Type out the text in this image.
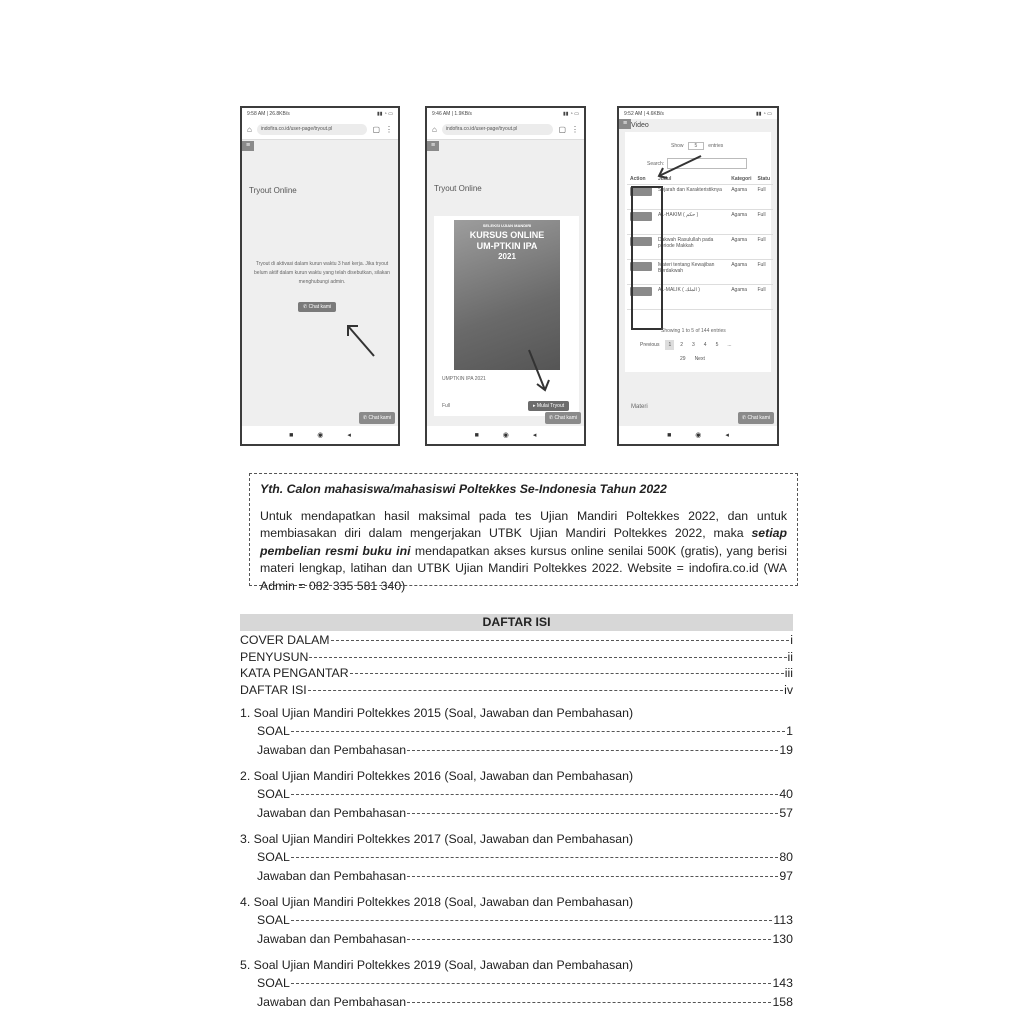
9:58 AM | 26.8KB/s	▮▮ ◔ ▭
⌂	indofira.co.id/user-page/tryout.pl	▢ ⋮
≡
Tryout Online
Tryout di aktivasi dalam kurun waktu 3 hari kerja. Jika tryout belum aktif dalam kurun waktu yang telah disebutkan, silakan menghubungi admin.
✆ Chat kami
✆ Chat kami
■	◉	◂
9:46 AM | 1.9KB/s	▮▮ ◔ ▭
⌂	indofira.co.id/user-page/tryout.pl	▢ ⋮
≡
Tryout Online
SELEKSI UJIAN MANDIRI
KURSUS ONLINE
UM-PTKIN IPA
2021
UMPTKIN IPA 2021
Full	▸ Mulai Tryout
✆ Chat kami
■	◉	◂
9:52 AM | 4.6KB/s	▮▮ ◔ ▭
≡ Video
Show	5	entries
Search:
Action	Judul	Kategori	Statu
	Sejarah dan Karakteristiknya	Agama	Full
	AL-HAKIM ( حكم )	Agama	Full
	Dakwah Rasulullah pada periode Makkah	Agama	Full
	Materi tentang Kewajiban Berdakwah	Agama	Full
	AL-MALIK ( الملك )	Agama	Full
Showing 1 to 5 of 144 entries
Previous	1	2	3	4	5	...
29	Next
Materi
✆ Chat kami
■	◉	◂
Yth. Calon mahasiswa/mahasiswi Poltekkes Se-Indonesia Tahun 2022
Untuk mendapatkan hasil maksimal pada tes Ujian Mandiri Poltekkes 2022, dan untuk membiasakan diri dalam mengerjakan UTBK Ujian Mandiri Poltekkes 2022, maka setiap pembelian resmi buku ini mendapatkan akses kursus online senilai 500K (gratis), yang berisi materi lengkap, latihan dan UTBK Ujian Mandiri Poltekkes 2022. Website = indofira.co.id (WA Admin = 082 335 581 340)
DAFTAR ISI
COVER DALAM	i
PENYUSUN	ii
KATA PENGANTAR	iii
DAFTAR ISI	iv
1. Soal Ujian Mandiri Poltekkes 2015 (Soal, Jawaban dan Pembahasan)
SOAL	1
Jawaban dan Pembahasan	19
2. Soal Ujian Mandiri Poltekkes 2016 (Soal, Jawaban dan Pembahasan)
SOAL	40
Jawaban dan Pembahasan	57
3. Soal Ujian Mandiri Poltekkes 2017 (Soal, Jawaban dan Pembahasan)
SOAL	80
Jawaban dan Pembahasan	97
4. Soal Ujian Mandiri Poltekkes 2018 (Soal, Jawaban dan Pembahasan)
SOAL	113
Jawaban dan Pembahasan	130
5. Soal Ujian Mandiri Poltekkes 2019 (Soal, Jawaban dan Pembahasan)
SOAL	143
Jawaban dan Pembahasan	158
